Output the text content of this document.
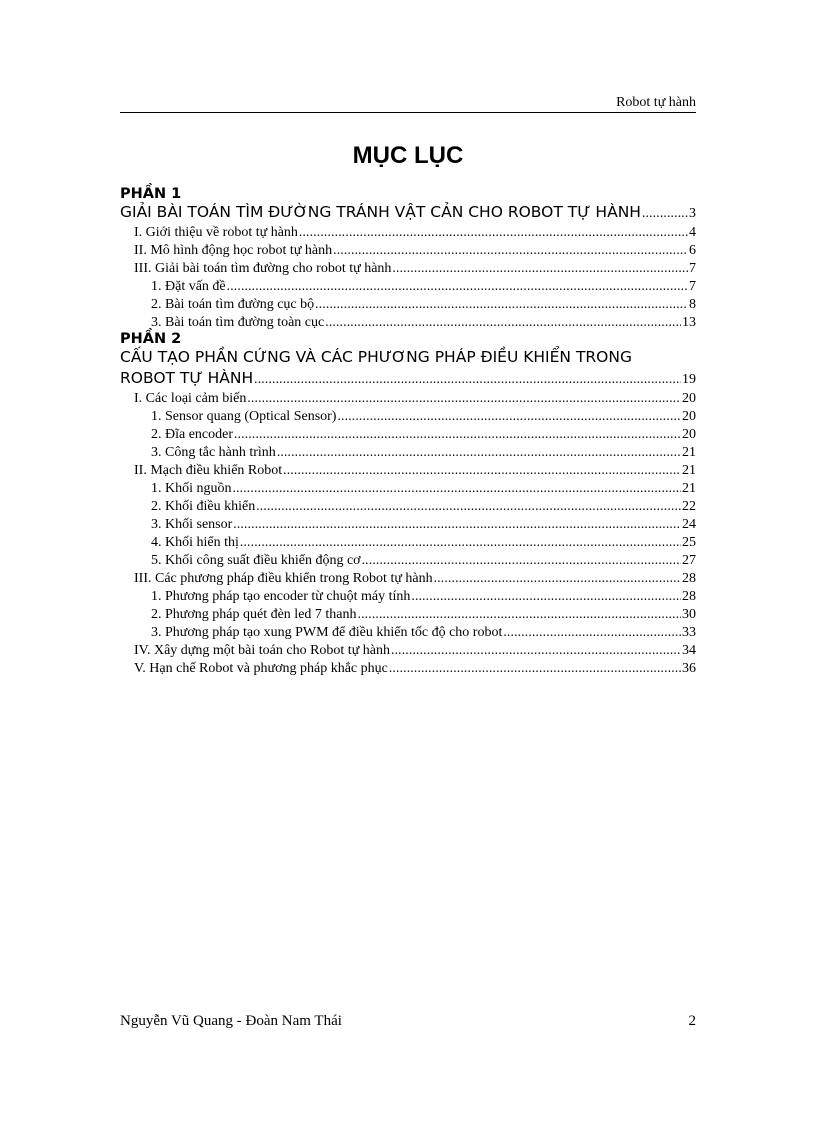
Robot tự hành
MỤC LỤC
PHẦN 1
GIẢI BÀI TOÁN TÌM ĐƯỜNG TRÁNH VẬT CẢN CHO ROBOT TỰ HÀNH .....	3
I. Giới thiệu về robot tự hành .....	4
II. Mô hình động học robot tự hành .....	6
III. Giải bài toán tìm đường cho robot tự hành .....	7
1. Đặt vấn đề .....	7
2. Bài toán tìm đường cục bộ .....	8
3. Bài toán tìm đường toàn cục .....	13
PHẦN 2
CẤU TẠO PHẦN CỨNG VÀ CÁC PHƯƠNG PHÁP ĐIỀU KHIỂN TRONG
ROBOT TỰ HÀNH .....	19
I. Các loại cảm biến .....	20
1. Sensor quang (Optical Sensor) .....	20
2. Đĩa encoder .....	20
3. Công tắc hành trình .....	21
II. Mạch điều khiển Robot .....	21
1. Khối nguồn .....	21
2. Khối điều khiển .....	22
3. Khối sensor .....	24
4. Khối hiển thị .....	25
5. Khối công suất điều khiển động cơ .....	27
III. Các phương pháp điều khiển trong Robot tự hành .....	28
1. Phương pháp tạo encoder từ chuột máy tính .....	28
2. Phương pháp quét đèn led 7 thanh .....	30
3. Phương pháp tạo xung PWM để điều khiển tốc độ cho robot .....	33
IV. Xây dựng một bài toán cho Robot tự hành .....	34
V. Hạn chế Robot và phương pháp khắc phục .....	36
Nguyễn Vũ Quang - Đoàn Nam Thái	2
